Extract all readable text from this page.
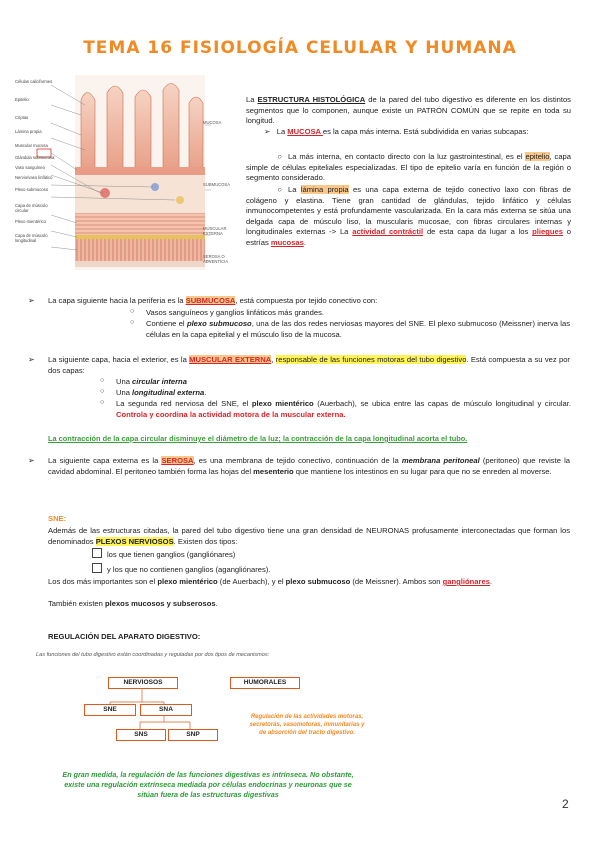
TEMA 16 FISIOLOGÍA CELULAR Y HUMANA
Células caliciformes
Epitelio
Criptas
Lámina propia
Muscular mucosa
Glándula submucosa
Vaso sanguíneo
Nervio/vaso linfático
Plexo submucoso
Capa de músculo circular
Plexo mientérico
Capa de músculo longitudinal
MUCOSA
SUBMUCOSA
MUSCULAR EXTERNA
SEROSA O ADVENTICIA
La ESTRUCTURA HISTOLÓGICA de la pared del tubo digestivo es diferente en los distintos segmentos que lo componen, aunque existe un PATRÓN COMÚN que se repite en toda su longitud.
➢ La MUCOSA es la capa más interna. Está subdividida en varias subcapas:
○ La más interna, en contacto directo con la luz gastrointestinal, es el epitelio, capa simple de células epiteliales especializadas. El tipo de epitelio varía en función de la región o segmento considerado.
○ La lámina propia es una capa externa de tejido conectivo laxo con fibras de colágeno y elastina. Tiene gran cantidad de glándulas, tejido linfático y células inmunocompetentes y está profundamente vascularizada. En la cara más externa se sitúa una delgada capa de músculo liso, la muscularis mucosae, con fibras circulares internas y longitudinales externas -> La actividad contráctil de esta capa da lugar a los pliegues o estrías mucosas.
➢ La capa siguiente hacia la periferia es la SUBMUCOSA, está compuesta por tejido conectivo con:
○ Vasos sanguíneos y ganglios linfáticos más grandes.
○ Contiene el plexo submucoso, una de las dos redes nerviosas mayores del SNE. El plexo submucoso (Meissner) inerva las células en la capa epitelial y el músculo liso de la mucosa.
➢ La siguiente capa, hacia el exterior, es la MUSCULAR EXTERNA, responsable de las funciones motoras del tubo digestivo. Está compuesta a su vez por dos capas:
○ Una circular interna
○ Una longitudinal externa.
○ La segunda red nerviosa del SNE, el plexo mientérico (Auerbach), se ubica entre las capas de músculo longitudinal y circular. Controla y coordina la actividad motora de la muscular externa.
La contracción de la capa circular disminuye el diámetro de la luz; la contracción de la capa longitudinal acorta el tubo.
➢ La siguiente capa externa es la SEROSA, es una membrana de tejido conectivo, continuación de la membrana peritoneal (peritoneo) que reviste la cavidad abdominal. El peritoneo también forma las hojas del mesenterio que mantiene los intestinos en su lugar para que no se enreden al moverse.
SNE:
Además de las estructuras citadas, la pared del tubo digestivo tiene una gran densidad de NEURONAS profusamente interconectadas que forman los denominados PLEXOS NERVIOSOS. Existen dos tipos:
los que tienen ganglios (gangliónares)
y los que no contienen ganglios (agangliónares).
Los dos más importantes son el plexo mientérico (de Auerbach), y el plexo submucoso (de Meissner). Ambos son gangliónares.
También existen plexos mucosos y subserosos.
REGULACIÓN DEL APARATO DIGESTIVO:
Las funciones del tubo digestivo están coordinadas y reguladas por dos tipos de mecanismos:
NERVIOSOS	HUMORALES
SNE	SNA
SNS	SNP
Regulación de las actividades motoras, secretoras, vasomotoras, inmunitarias y de absorción del tracto digestivo.
En gran medida, la regulación de las funciones digestivas es intrínseca. No obstante, existe una regulación extrínseca mediada por células endocrinas y neuronas que se sitúan fuera de las estructuras digestivas
2
